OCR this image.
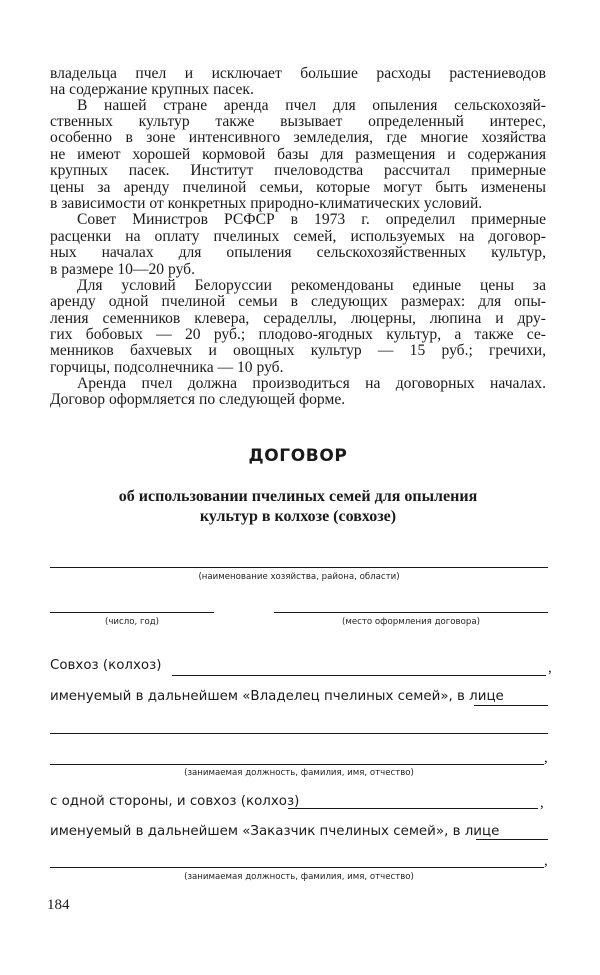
владельца пчел и исключает большие расходы растениеводов

на содержание крупных пасек.

В нашей стране аренда пчел для опыления сельскохозяй-

ственных культур также вызывает определенный интерес,

особенно в зоне интенсивного земледелия, где многие хозяйства

не имеют хорошей кормовой базы для размещения и содержания

крупных пасек. Институт пчеловодства рассчитал примерные

цены за аренду пчелиной семьи, которые могут быть изменены

в зависимости от конкретных природно-климатических условий.

Совет Министров РСФСР в 1973 г. определил примерные

расценки на оплату пчелиных семей, используемых на договор-

ных началах для опыления сельскохозяйственных культур,

в размере 10—20 руб.

Для условий Белоруссии рекомендованы единые цены за

аренду одной пчелиной семьи в следующих размерах: для опы-

ления семенников клевера, сераделлы, люцерны, люпина и дру-

гих бобовых — 20 руб.; плодово-ягодных культур, а также се-

менников бахчевых и овощных культур — 15 руб.; гречихи,

горчицы, подсолнечника — 10 руб.

Аренда пчел должна производиться на договорных началах.

Договор оформляется по следующей форме.

ДОГОВОР

об использовании пчелиных семей для опыления

культур в колхозе (совхозе)

(наименование хозяйства, района, области)
(число, год)	(место оформления договора)
Совхоз (колхоз)	,
именуемый в дальнейшем «Владелец пчелиных семей», в лице
,
(занимаемая должность, фамилия, имя, отчество)
с одной стороны, и совхоз (колхоз)	,
именуемый в дальнейшем «Заказчик пчелиных семей», в лице
,
(занимаемая должность, фамилия, имя, отчество)
184
